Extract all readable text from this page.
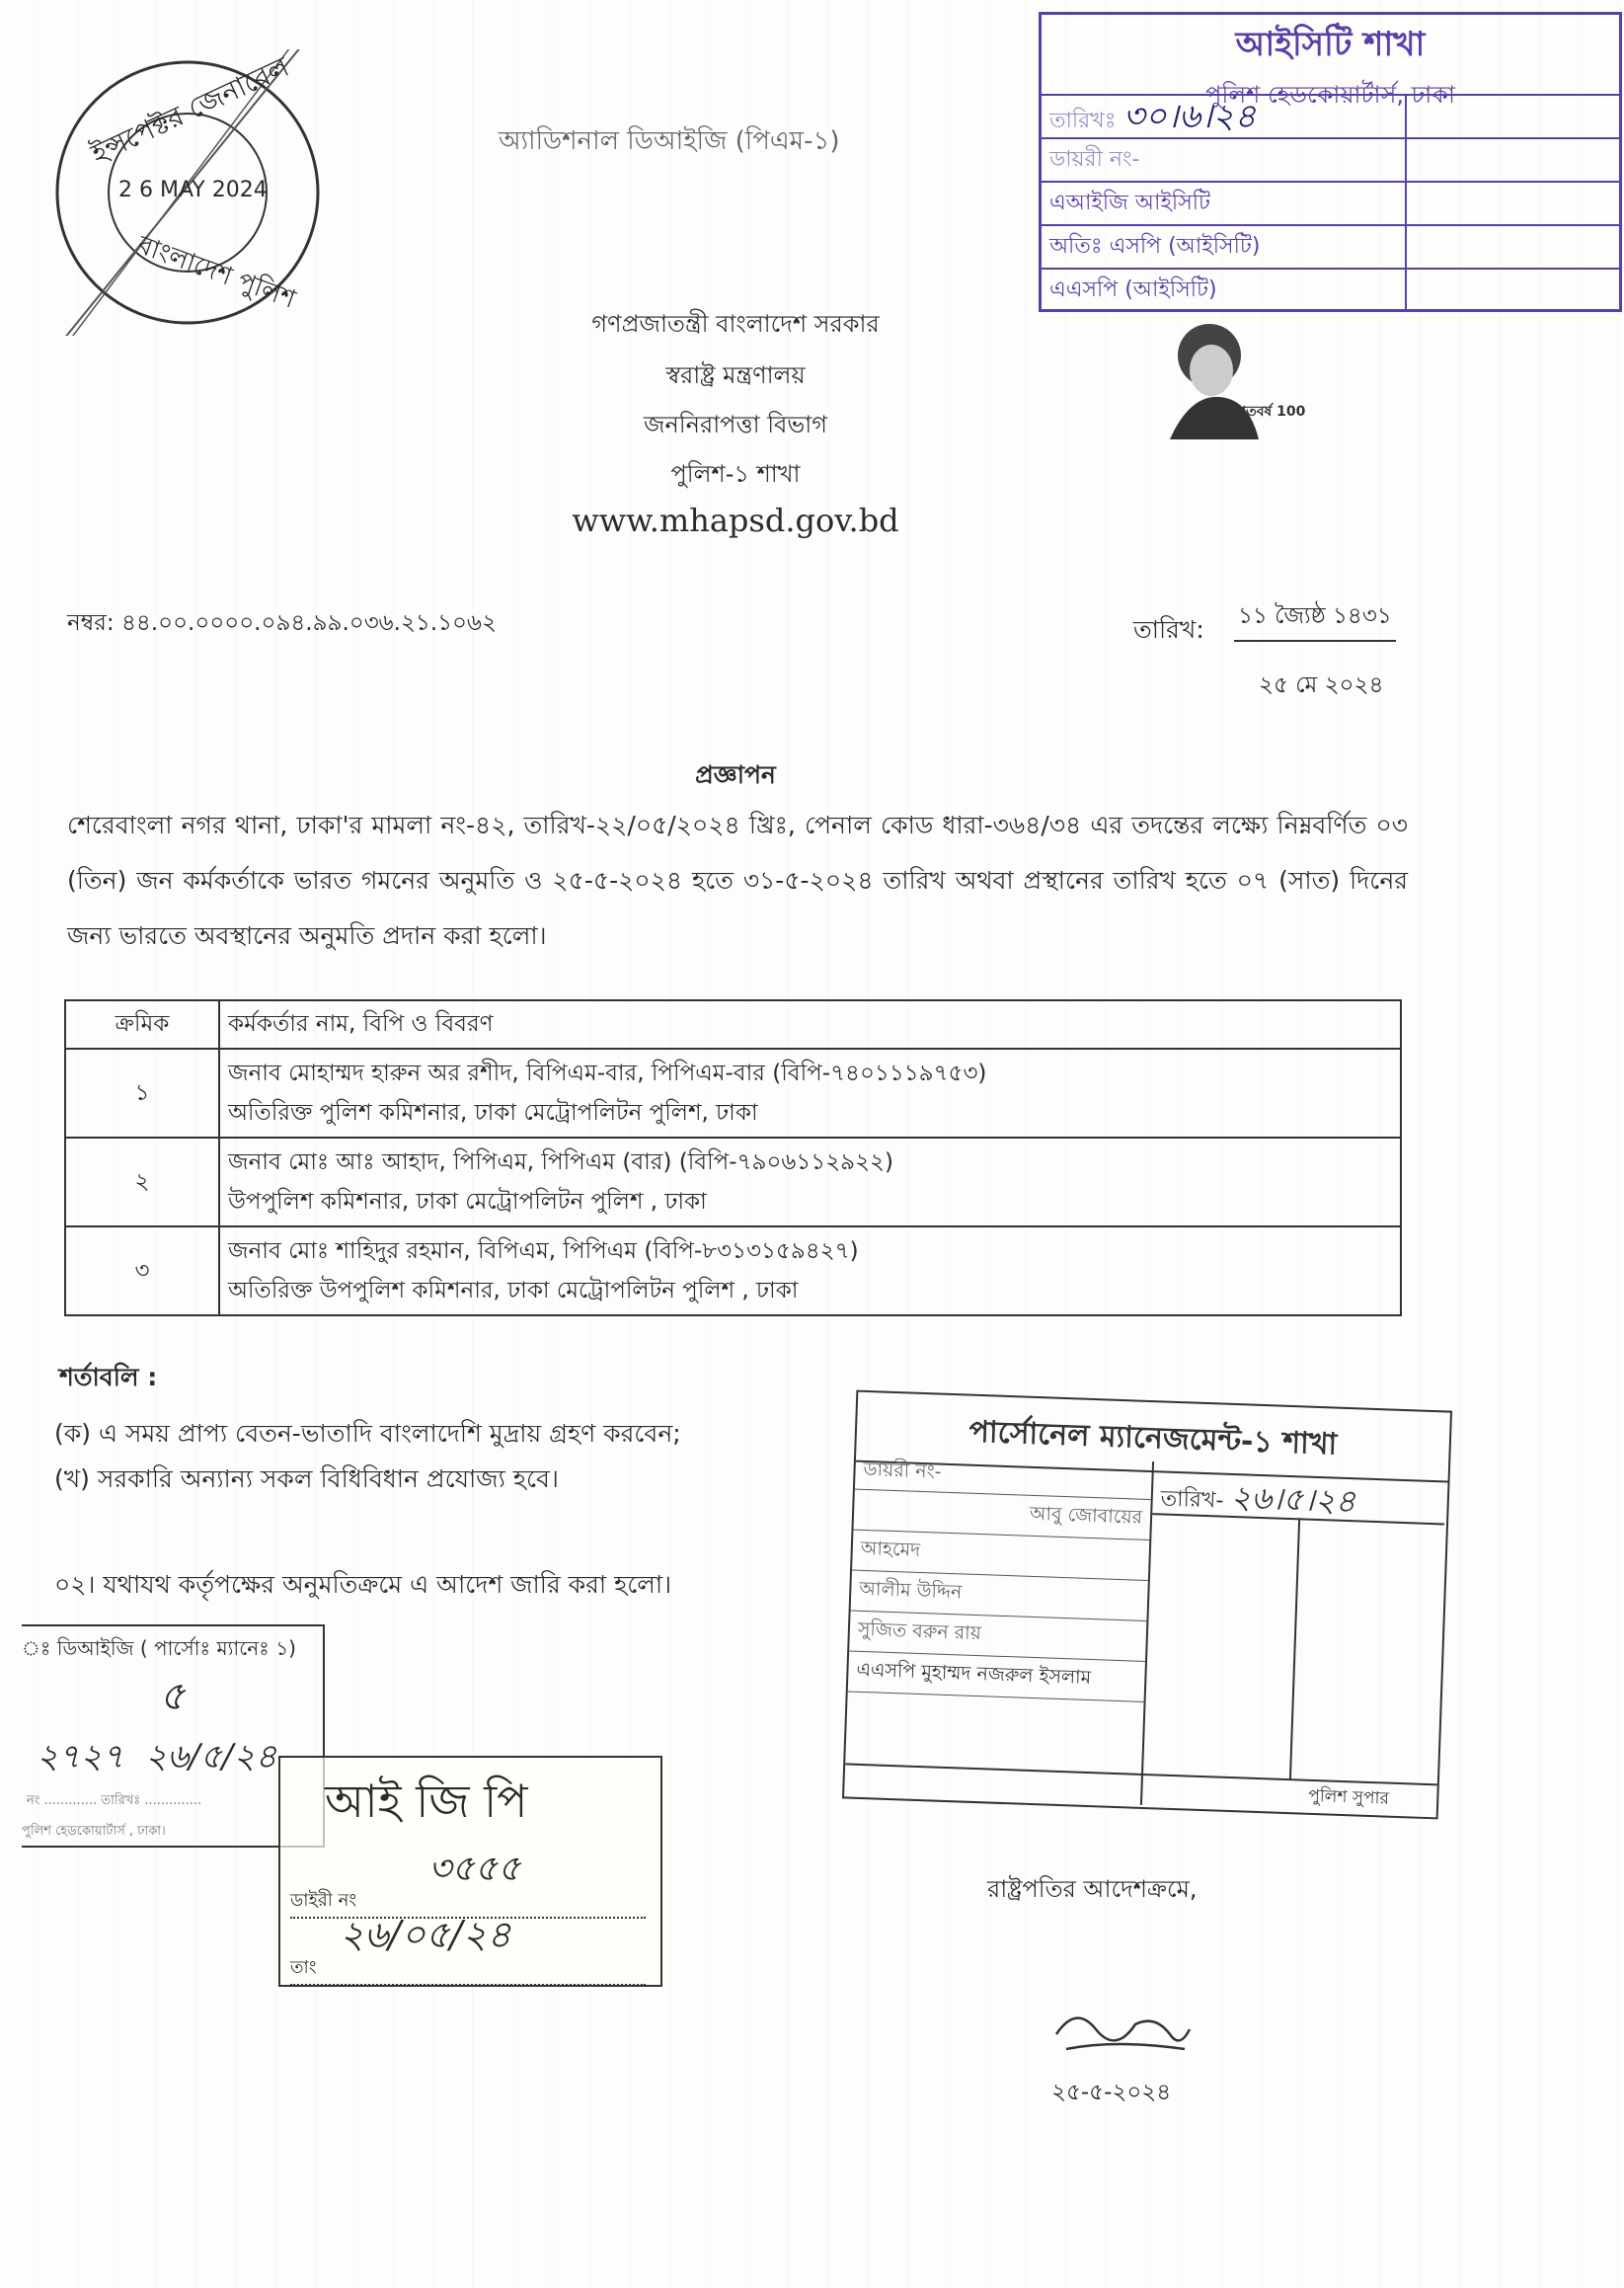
ইন্সপেক্টর জেনারেল
2 6 MAY 2024
বাংলাদেশ পুলিশ
অ্যাডিশনাল ডিআইজি (পিএম-১)
আইসিটি শাখা
পুলিশ হেডকোয়ার্টার্স, ঢাকা
তারিখঃ ৩০।৬।২৪
ডায়রী নং-
এআইজি আইসিটি
অতিঃ এসপি (আইসিটি)
এএসপি (আইসিটি)
মুজিব শতবর্ষ 100
গণপ্রজাতন্ত্রী বাংলাদেশ সরকার
স্বরাষ্ট্র মন্ত্রণালয়
জননিরাপত্তা বিভাগ
পুলিশ-১ শাখা
www.mhapsd.gov.bd
নম্বর: ৪৪.০০.০০০০.০৯৪.৯৯.০৩৬.২১.১০৬২	তারিখ: ১১ জ্যৈষ্ঠ ১৪৩১
২৫ মে ২০২৪
প্রজ্ঞাপন
শেরেবাংলা নগর থানা, ঢাকা'র মামলা নং-৪২, তারিখ-২২/০৫/২০২৪ খ্রিঃ, পেনাল কোড ধারা-৩৬৪/৩৪ এর তদন্তের লক্ষ্যে নিম্নবর্ণিত ০৩ (তিন) জন কর্মকর্তাকে ভারত গমনের অনুমতি ও ২৫-৫-২০২৪ হতে ৩১-৫-২০২৪ তারিখ অথবা প্রস্থানের তারিখ হতে ০৭ (সাত) দিনের জন্য ভারতে অবস্থানের অনুমতি প্রদান করা হলো।
ক্রমিক	কর্মকর্তার নাম, বিপি ও বিবরণ
১	জনাব মোহাম্মদ হারুন অর রশীদ, বিপিএম-বার, পিপিএম-বার (বিপি-৭৪০১১১৯৭৫৩)
অতিরিক্ত পুলিশ কমিশনার, ঢাকা মেট্রোপলিটন পুলিশ, ঢাকা

২	জনাব মোঃ আঃ আহাদ, পিপিএম, পিপিএম (বার) (বিপি-৭৯০৬১১২৯২২)
উপপুলিশ কমিশনার, ঢাকা মেট্রোপলিটন পুলিশ , ঢাকা

৩	জনাব মোঃ শাহিদুর রহমান, বিপিএম, পিপিএম (বিপি-৮৩১৩১৫৯৪২৭)
অতিরিক্ত উপপুলিশ কমিশনার, ঢাকা মেট্রোপলিটন পুলিশ , ঢাকা
শর্তাবলি :
(ক) এ সময় প্রাপ্য বেতন-ভাতাদি বাংলাদেশি মুদ্রায় গ্রহণ করবেন;
(খ) সরকারি অন্যান্য সকল বিধিবিধান প্রযোজ্য হবে।
০২। যথাযথ কর্তৃপক্ষের অনুমতিক্রমে এ আদেশ জারি করা হলো।
পার্সোনেল ম্যানেজমেন্ট-১ শাখা
ডায়রী নং-
আবু জোবায়ের
আহমেদ
আলীম উদ্দিন
সুজিত বরুন রায়
এএসপি মুহাম্মদ নজরুল ইসলাম
তারিখ- ২৬।৫।২৪
পুলিশ সুপার
ঃ ডিআইজি ( পার্সোঃ ম্যানেঃ ১)
৫
২৭২৭  ২৬/৫/২৪
নং ............. তারিখঃ ..............
পুলিশ হেডকোয়ার্টার্স , ঢাকা।
আই জি পি
৩৫৫৫
ডাইরী নং
২৬/০৫/২৪
তাং
রাষ্ট্রপতির আদেশক্রমে,
২৫-৫-২০২৪
